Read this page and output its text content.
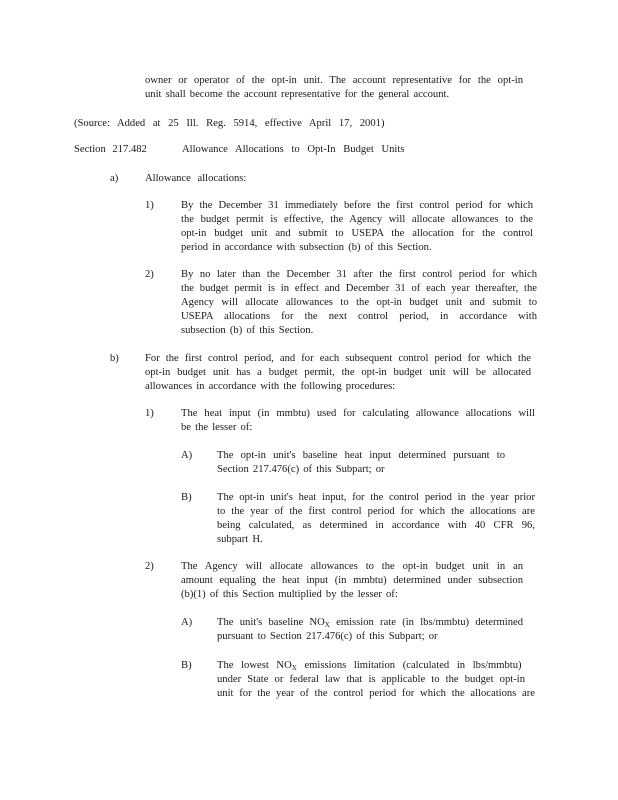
owner or operator of the opt-in unit. The account representative for the opt-in
unit shall become the account representative for the general account.
(Source: Added at 25 Ill. Reg. 5914, effective April 17, 2001)
Section 217.482	Allowance Allocations to Opt-In Budget Units
a)	Allowance allocations:
1)	By the December 31 immediately before the first control period for which
the budget permit is effective, the Agency will allocate allowances to the
opt-in budget unit and submit to USEPA the allocation for the control
period in accordance with subsection (b) of this Section.
2)	By no later than the December 31 after the first control period for which
the budget permit is in effect and December 31 of each year thereafter, the
Agency will allocate allowances to the opt-in budget unit and submit to
USEPA allocations for the next control period, in accordance with
subsection (b) of this Section.
b) For the first control period, and for each subsequent control period for which the
opt-in budget unit has a budget permit, the opt-in budget unit will be allocated
allowances in accordance with the following procedures:
1)	The heat input (in mmbtu) used for calculating allowance allocations will
be the lesser of:
A) The opt-in unit's baseline heat input determined pursuant to
Section 217.476(c) of this Subpart; or
B) The opt-in unit's heat input, for the control period in the year prior
to the year of the first control period for which the allocations are
being calculated, as determined in accordance with 40 CFR 96,
subpart H.
2)	The Agency will allocate allowances to the opt-in budget unit in an
amount equaling the heat input (in mmbtu) determined under subsection
(b)(1) of this Section multiplied by the lesser of:
A) The unit's baseline $NO_X$ emission rate (in lbs/mmbtu) determined
pursuant to Section 217.476(c) of this Subpart; or
B) The lowest $NO_X$ emissions limitation (calculated in lbs/mmbtu)
under State or federal law that is applicable to the budget opt-in
unit for the year of the control period for which the allocations are
